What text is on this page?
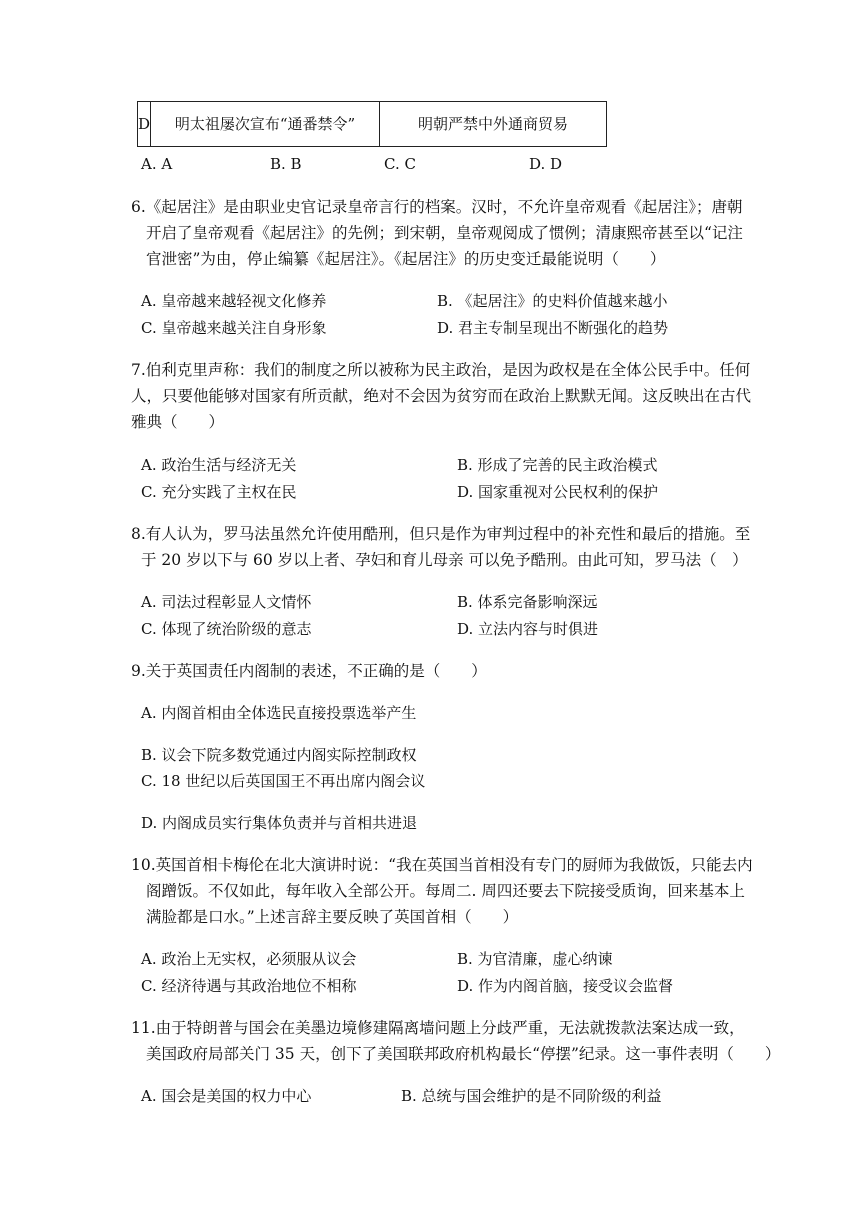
D	明太祖屡次宣布“通番禁令”	明朝严禁中外通商贸易
A. A	B. B	C. C	D. D
6.《起居注》是由职业史官记录皇帝言行的档案。汉时，不允许皇帝观看《起居注》；唐朝
开启了皇帝观看《起居注》的先例；到宋朝，皇帝观阅成了惯例；清康熙帝甚至以“记注
官泄密”为由，停止编纂《起居注》。《起居注》的历史变迁最能说明（　　）
A. 皇帝越来越轻视文化修养	B. 《起居注》的史料价值越来越小
C. 皇帝越来越关注自身形象	D. 君主专制呈现出不断强化的趋势
7.伯利克里声称：我们的制度之所以被称为民主政治，是因为政权是在全体公民手中。任何
人，只要他能够对国家有所贡献，绝对不会因为贫穷而在政治上默默无闻。这反映出在古代
雅典（　　）
A. 政治生活与经济无关	B. 形成了完善的民主政治模式
C. 充分实践了主权在民	D. 国家重视对公民权利的保护
8.有人认为，罗马法虽然允许使用酷刑，但只是作为审判过程中的补充性和最后的措施。至
于 20 岁以下与 60 岁以上者、孕妇和育儿母亲 可以免予酷刑。由此可知，罗马法（　）
A. 司法过程彰显人文情怀	B. 体系完备影响深远
C. 体现了统治阶级的意志	D. 立法内容与时俱进
9.关于英国责任内阁制的表述，不正确的是（　　）
A. 内阁首相由全体选民直接投票选举产生
B. 议会下院多数党通过内阁实际控制政权
C. 18 世纪以后英国国王不再出席内阁会议
D. 内阁成员实行集体负责并与首相共进退
10.英国首相卡梅伦在北大演讲时说：“我在英国当首相没有专门的厨师为我做饭，只能去内
阁蹭饭。不仅如此，每年收入全部公开。每周二. 周四还要去下院接受质询，回来基本上
满脸都是口水。”上述言辞主要反映了英国首相（　　）
A. 政治上无实权，必须服从议会	B. 为官清廉，虚心纳谏
C. 经济待遇与其政治地位不相称	D. 作为内阁首脑，接受议会监督
11.由于特朗普与国会在美墨边境修建隔离墙问题上分歧严重，无法就拨款法案达成一致，
美国政府局部关门 35 天，创下了美国联邦政府机构最长“停摆”纪录。这一事件表明（　　）
A. 国会是美国的权力中心	B. 总统与国会维护的是不同阶级的利益
